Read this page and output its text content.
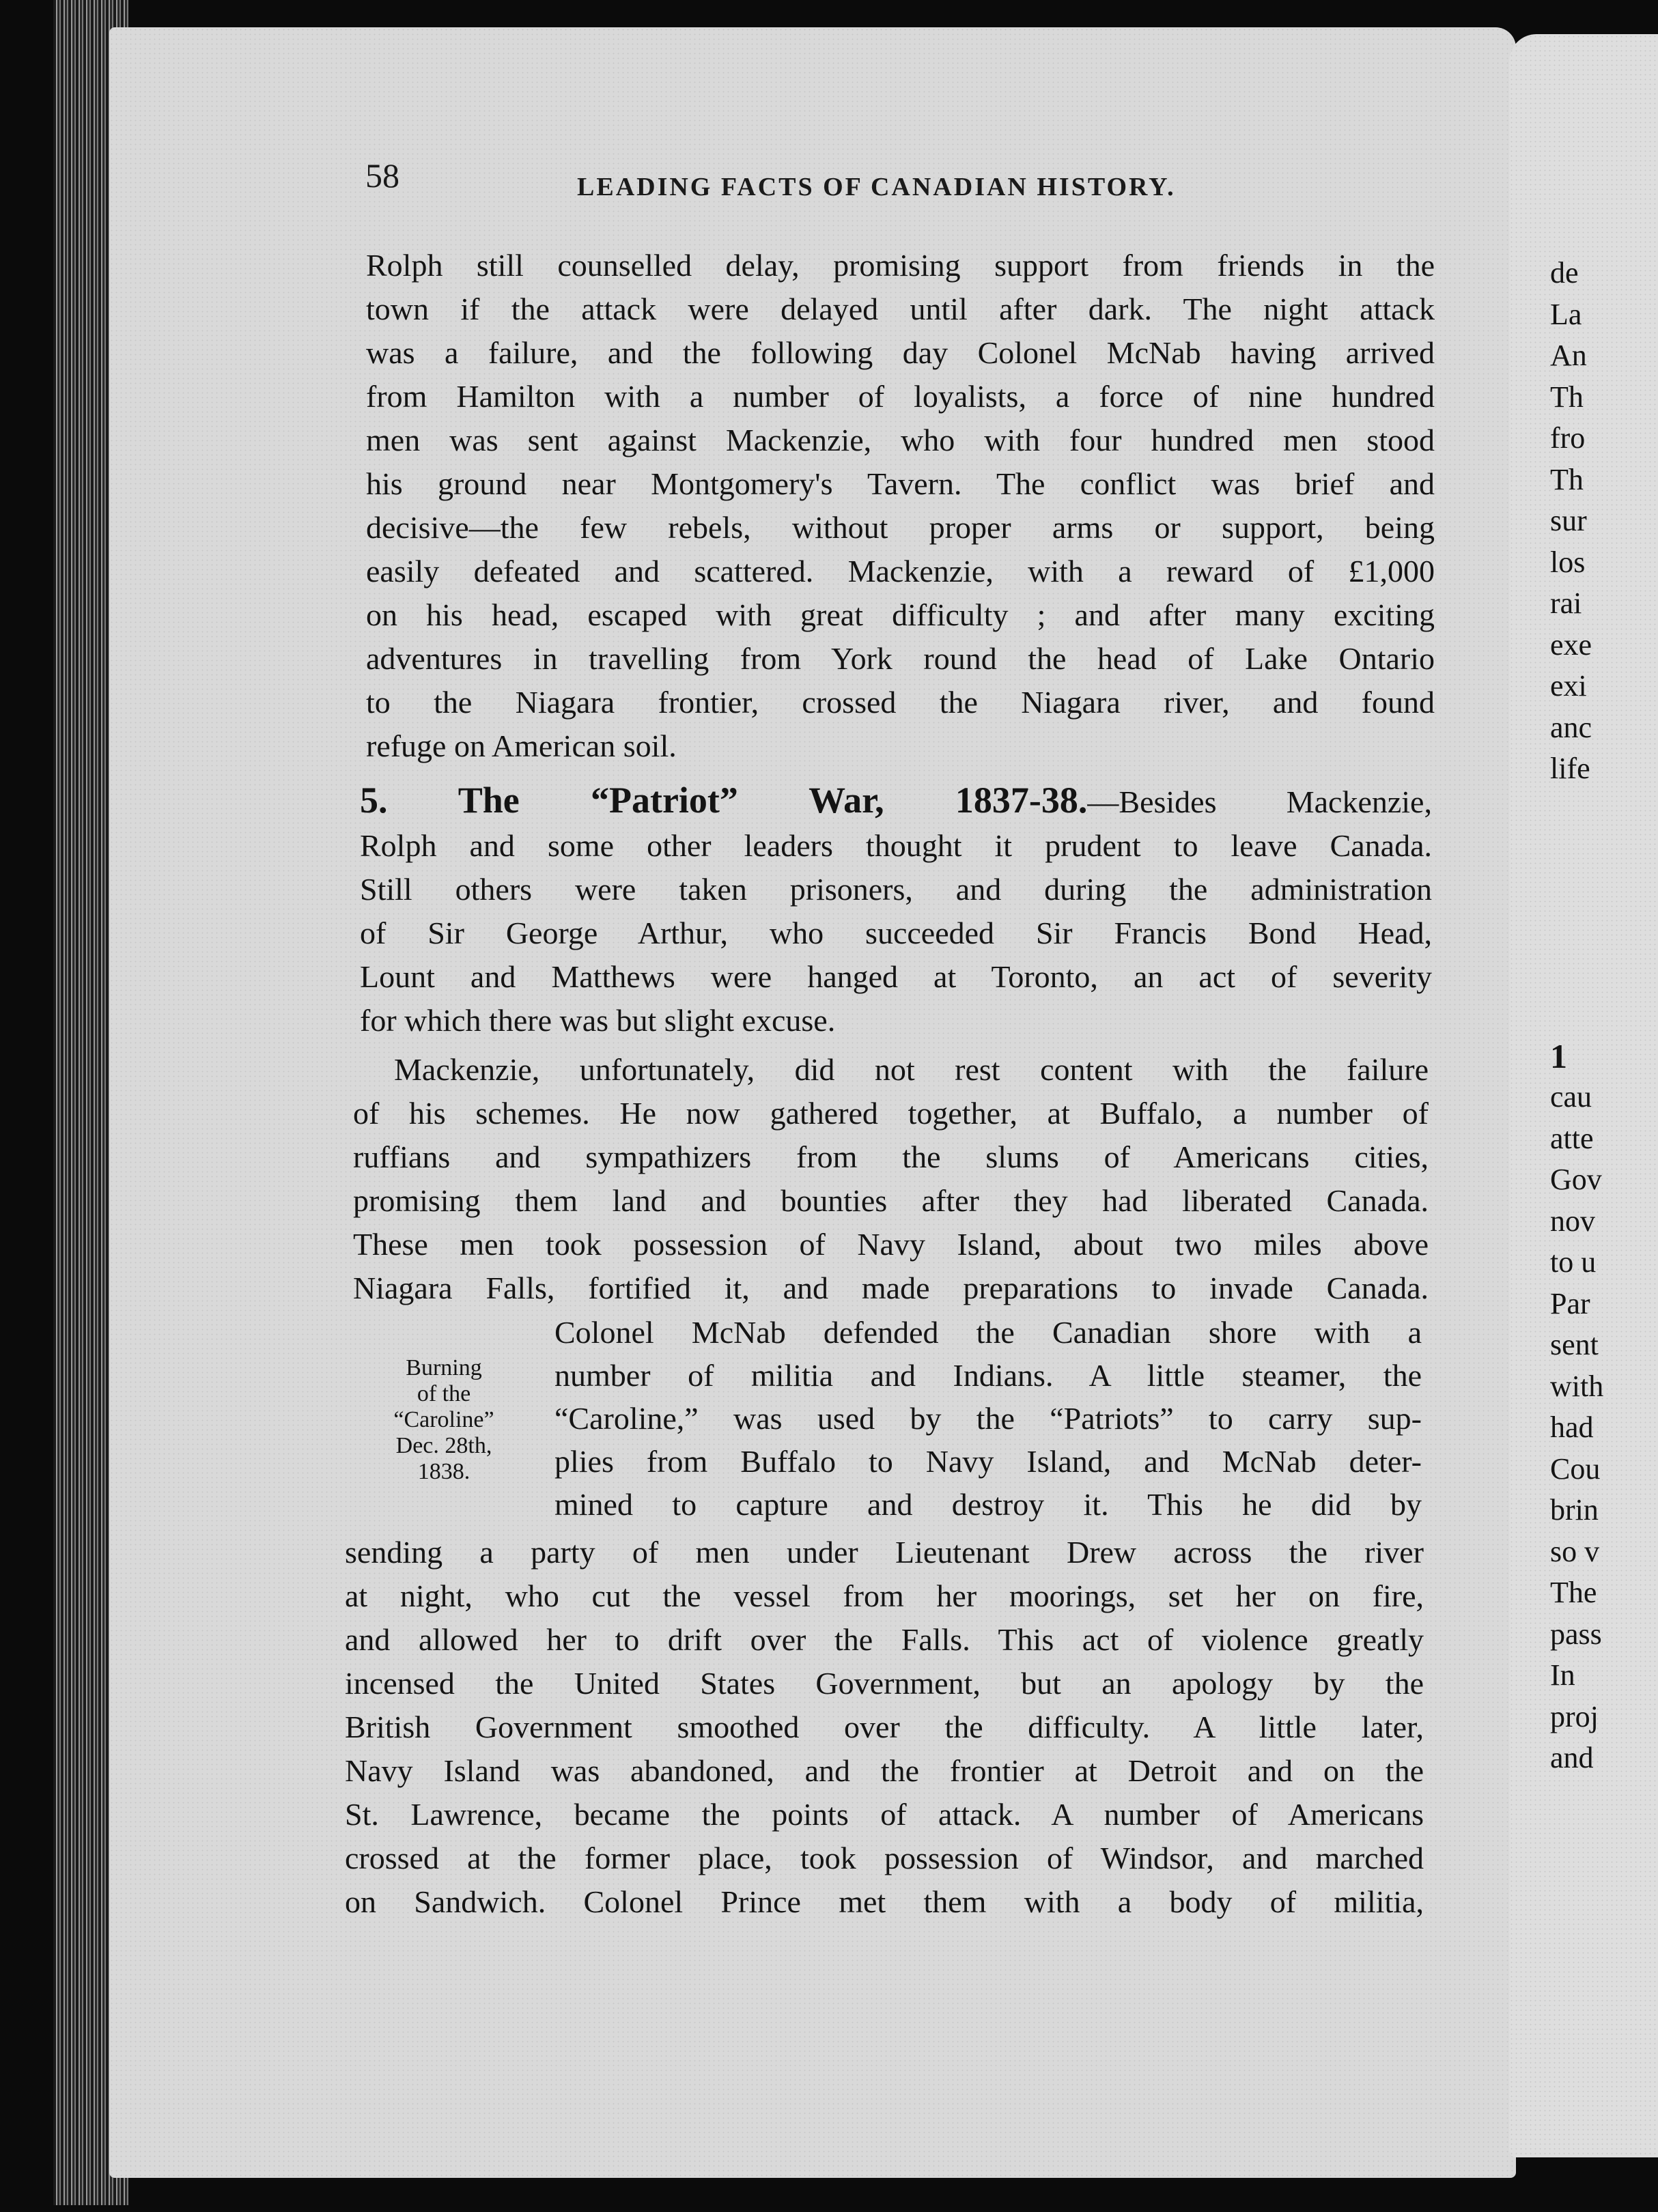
58	LEADING FACTS OF CANADIAN HISTORY.
Rolph still counselled delay, promising support from friends in the
town if the attack were delayed until after dark. The night attack
was a failure, and the following day Colonel McNab having arrived
from Hamilton with a number of loyalists, a force of nine hundred
men was sent against Mackenzie, who with four hundred men stood
his ground near Montgomery's Tavern. The conflict was brief and
decisive—the few rebels, without proper arms or support, being
easily defeated and scattered. Mackenzie, with a reward of £1,000
on his head, escaped with great difficulty ; and after many exciting
adventures in travelling from York round the head of Lake Ontario
to the Niagara frontier, crossed the Niagara river, and found
refuge on American soil.
5. The “Patriot” War, 1837-38.—Besides Mackenzie,
Rolph and some other leaders thought it prudent to leave Canada.
Still others were taken prisoners, and during the administration
of Sir George Arthur, who succeeded Sir Francis Bond Head,
Lount and Matthews were hanged at Toronto, an act of severity
for which there was but slight excuse.
Mackenzie, unfortunately, did not rest content with the failure
of his schemes. He now gathered together, at Buffalo, a number of
ruffians and sympathizers from the slums of Americans cities,
promising them land and bounties after they had liberated Canada.
These men took possession of Navy Island, about two miles above
Niagara Falls, fortified it, and made preparations to invade Canada.
Burning
of the
“Caroline”
Dec. 28th,
1838.
Colonel McNab defended the Canadian shore with a
number of militia and Indians. A little steamer, the
“Caroline,” was used by the “Patriots” to carry sup-
plies from Buffalo to Navy Island, and McNab deter-
mined to capture and destroy it. This he did by
sending a party of men under Lieutenant Drew across the river
at night, who cut the vessel from her moorings, set her on fire,
and allowed her to drift over the Falls. This act of violence greatly
incensed the United States Government, but an apology by the
British Government smoothed over the difficulty. A little later,
Navy Island was abandoned, and the frontier at Detroit and on the
St. Lawrence, became the points of attack. A number of Americans
crossed at the former place, took possession of Windsor, and marched
on Sandwich. Colonel Prince met them with a body of militia,
de
La
An
Th
fro
Th
sur
los
rai
exe
exi
anc
life
1
cau
atte
Gov
nov
to u
Par
sent
with
had
Cou
brin
so v
The
pass
In
proj
and
